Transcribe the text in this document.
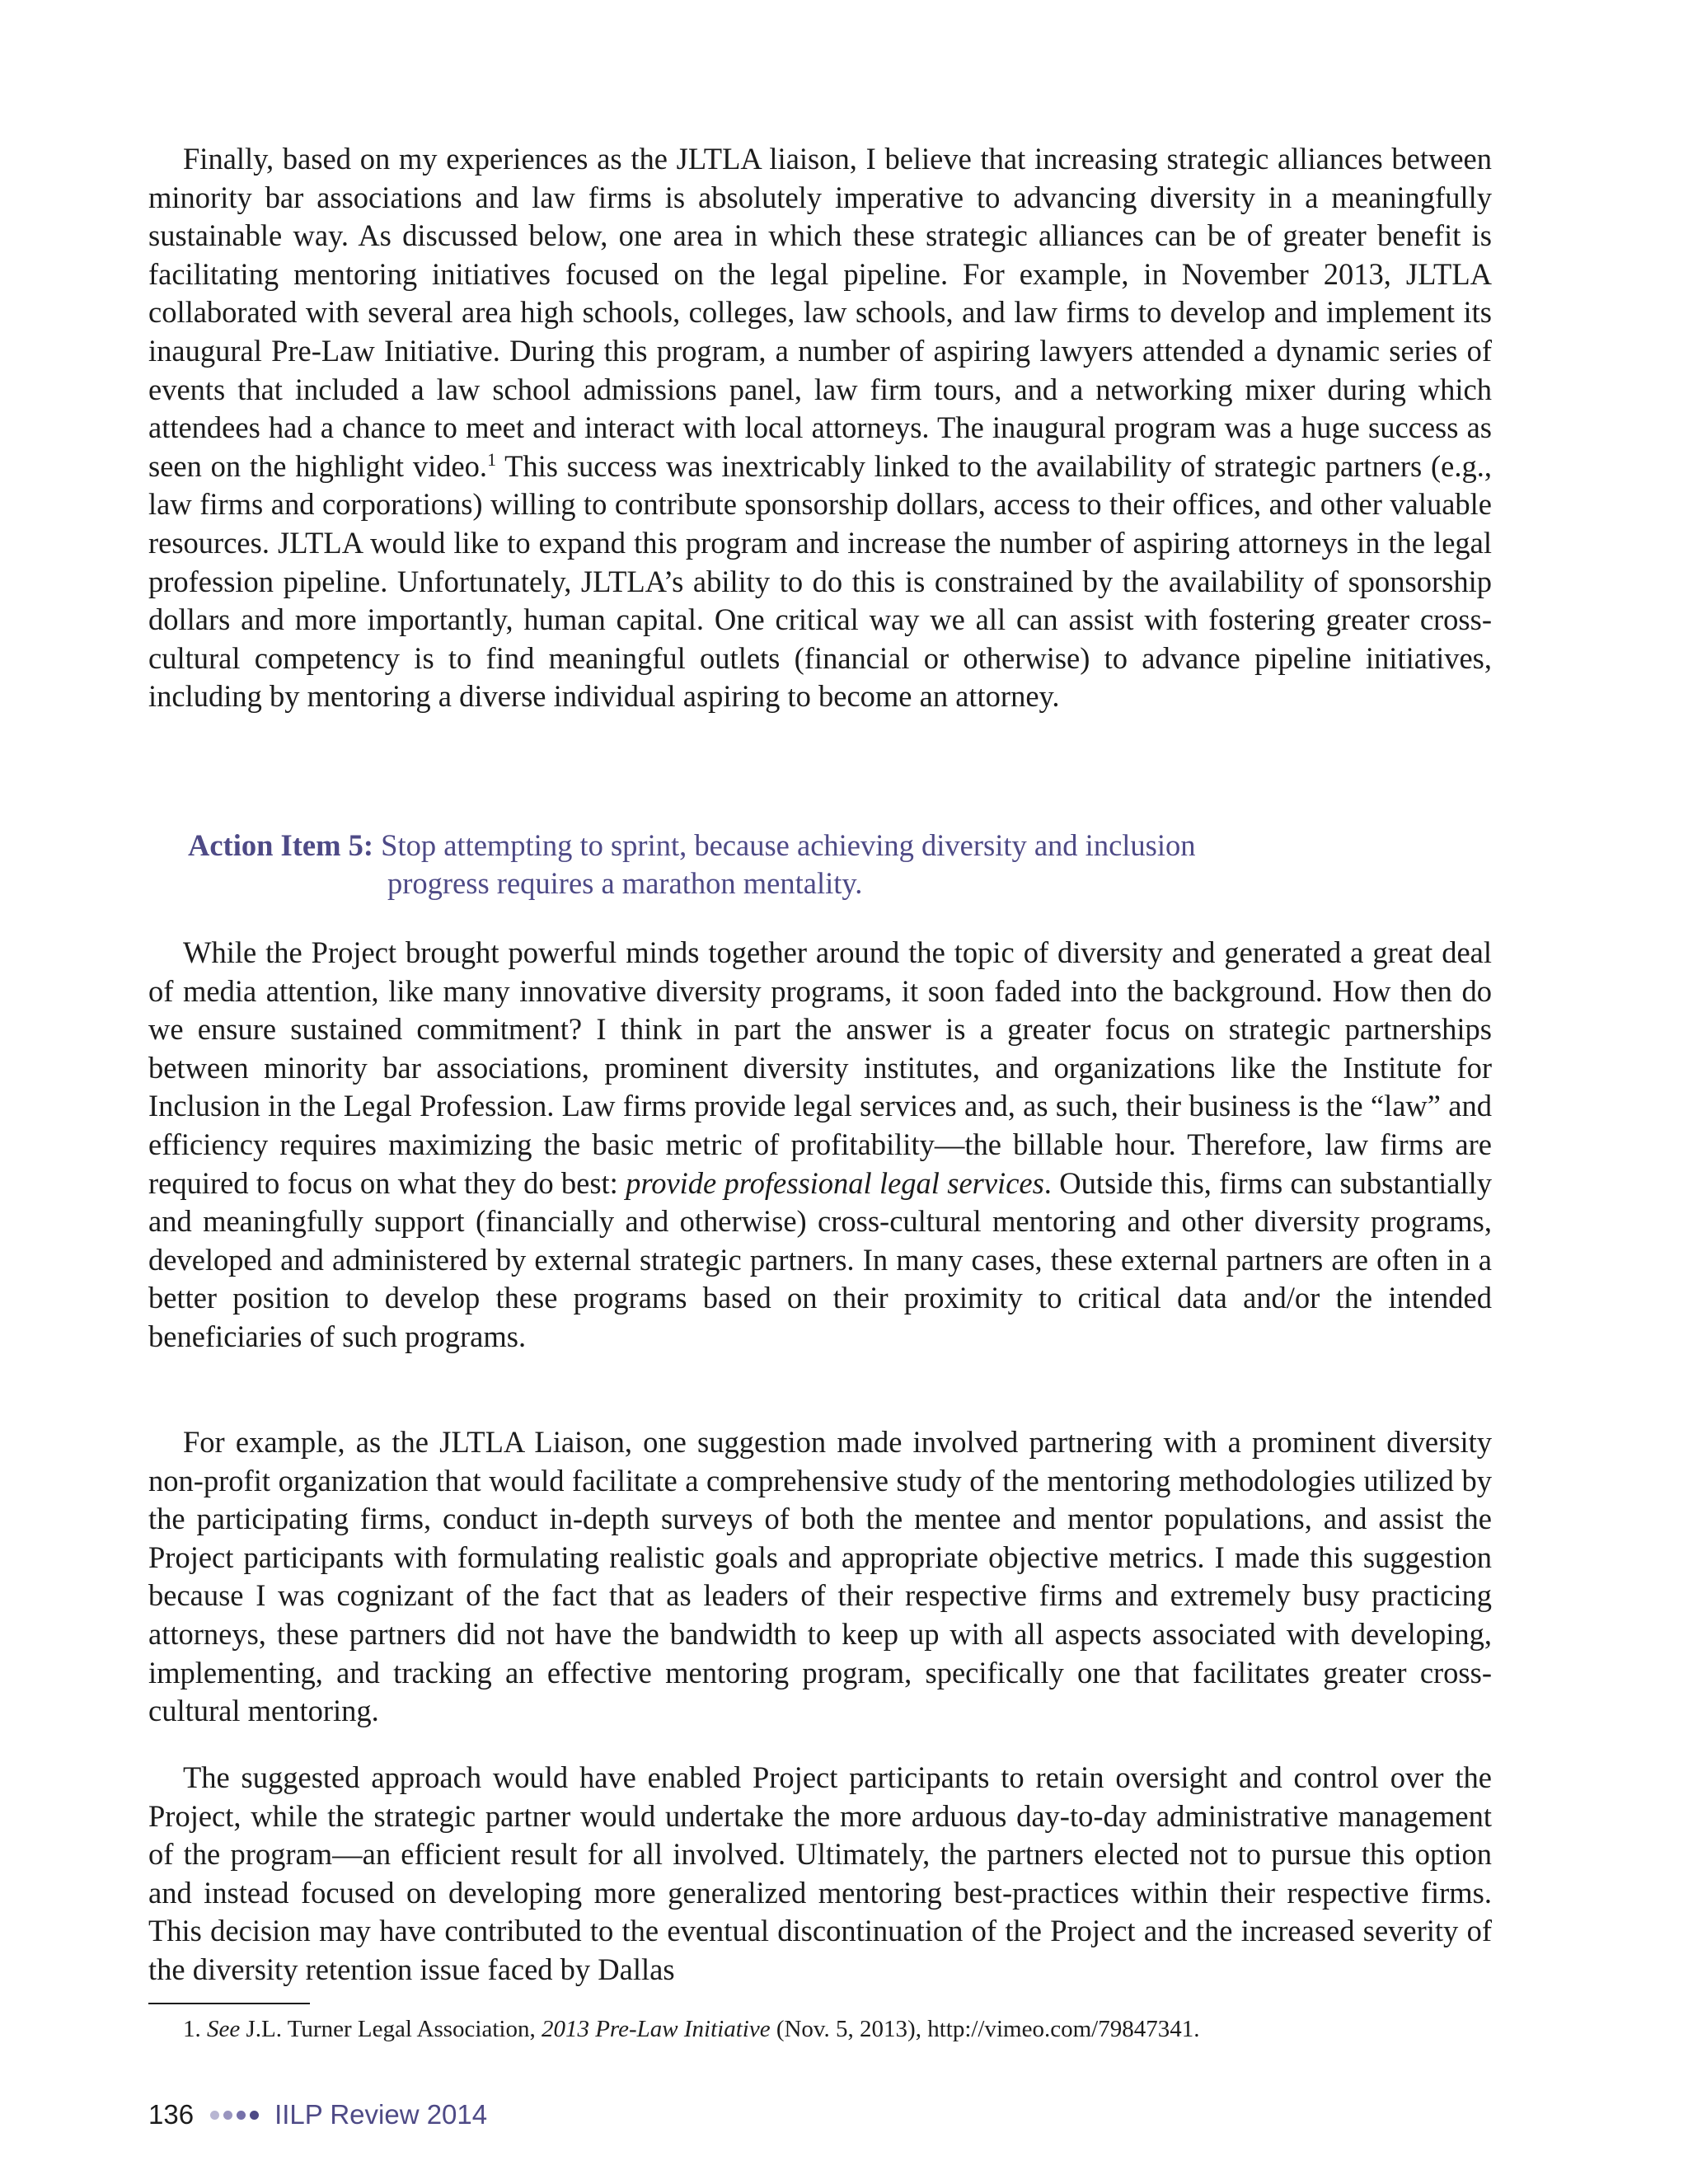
Finally, based on my experiences as the JLTLA liaison, I believe that increasing strategic alliances between minority bar associations and law firms is absolutely imperative to advancing diversity in a meaningfully sustainable way. As discussed below, one area in which these strategic alliances can be of greater benefit is facilitating mentoring initiatives focused on the legal pipeline. For example, in November 2013, JLTLA collaborated with several area high schools, colleges, law schools, and law firms to develop and implement its inaugural Pre-Law Initiative. During this program, a number of aspiring lawyers attended a dynamic series of events that included a law school admissions panel, law firm tours, and a networking mixer during which attendees had a chance to meet and interact with local attorneys. The inaugural program was a huge success as seen on the highlight video.$^1$ This success was inextricably linked to the availability of strategic partners (e.g., law firms and corporations) willing to contribute sponsorship dollars, access to their offices, and other valuable resources. JLTLA would like to expand this program and increase the number of aspiring attorneys in the legal profession pipeline. Unfortunately, JLTLA’s ability to do this is constrained by the availability of sponsorship dollars and more importantly, human capital. One critical way we all can assist with fostering greater cross-cultural competency is to find meaningful outlets (financial or otherwise) to advance pipeline initiatives, including by mentoring a diverse individual aspiring to become an attorney.

Action Item 5: Stop attempting to sprint, because achieving diversity and inclusion
progress requires a marathon mentality.

While the Project brought powerful minds together around the topic of diversity and generated a great deal of media attention, like many innovative diversity programs, it soon faded into the background. How then do we ensure sustained commitment? I think in part the answer is a greater focus on strategic partnerships between minority bar associations, prominent diversity institutes, and organizations like the Institute for Inclusion in the Legal Profession. Law firms provide legal services and, as such, their business is the “law” and efficiency requires maximizing the basic metric of profitability—the billable hour. Therefore, law firms are required to focus on what they do best: provide professional legal services. Outside this, firms can substantially and meaningfully support (financially and otherwise) cross-cultural mentoring and other diversity programs, developed and administered by external strategic partners. In many cases, these external partners are often in a better position to develop these programs based on their proximity to critical data and/or the intended beneficiaries of such programs.

For example, as the JLTLA Liaison, one suggestion made involved partnering with a prominent diversity non-profit organization that would facilitate a comprehensive study of the mentoring methodologies utilized by the participating firms, conduct in-depth surveys of both the mentee and mentor populations, and assist the Project participants with formulating realistic goals and appropriate objective metrics. I made this suggestion because I was cognizant of the fact that as leaders of their respective firms and extremely busy practicing attorneys, these partners did not have the bandwidth to keep up with all aspects associated with developing, implementing, and tracking an effective mentoring program, specifically one that facilitates greater cross-cultural mentoring.

The suggested approach would have enabled Project participants to retain oversight and control over the Project, while the strategic partner would undertake the more arduous day-to-day administrative management of the program—an efficient result for all involved. Ultimately, the partners elected not to pursue this option and instead focused on developing more generalized mentoring best-practices within their respective firms. This decision may have contributed to the eventual discontinuation of the Project and the increased severity of the diversity retention issue faced by Dallas

1. See J.L. Turner Legal Association, 2013 Pre-Law Initiative (Nov. 5, 2013), http://vimeo.com/79847341.
136	IILP Review 2014
